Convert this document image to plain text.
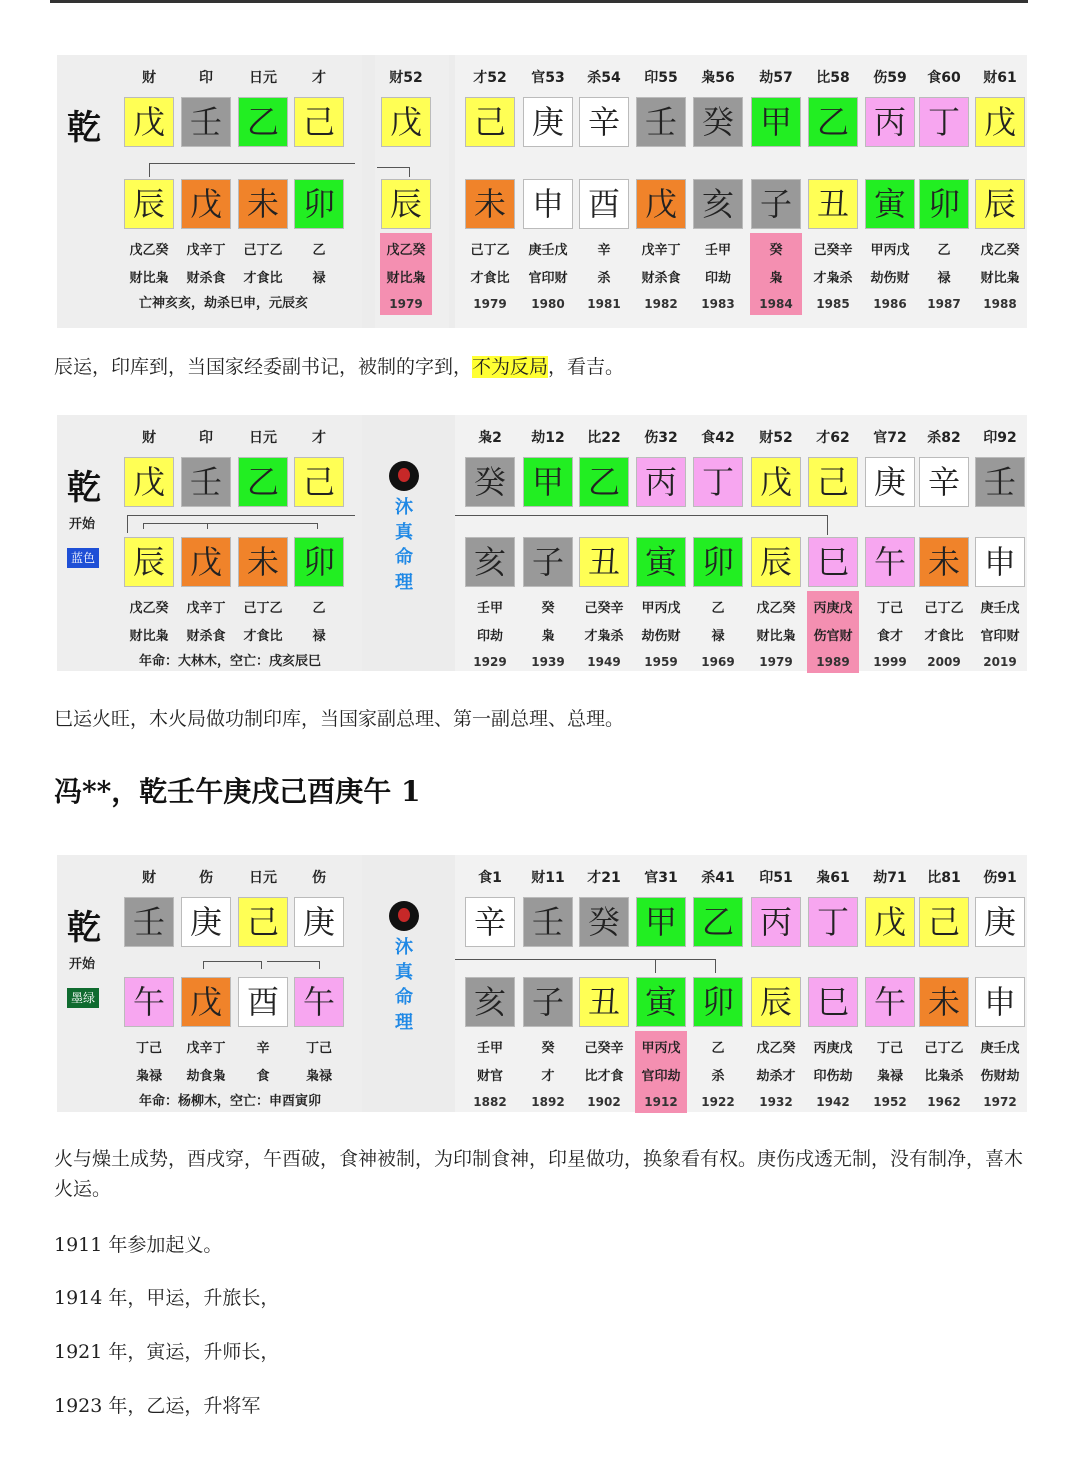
乾
财
戊
辰
戊乙癸
财比枭
印
壬
戊
戊辛丁
财杀食
日元
乙
未
己丁乙
才食比
才
己
卯
乙
禄
亡神亥亥，劫杀巳申，元辰亥
才52
己
未
己丁乙
才食比
1979
官53
庚
申
庚壬戊
官印财
1980
杀54
辛
酉
辛
杀
1981
印55
壬
戊
戊辛丁
财杀食
1982
枭56
癸
亥
壬甲
印劫
1983
劫57
甲
子
癸
枭
1984
比58
乙
丑
己癸辛
才枭杀
1985
伤59
丙
寅
甲丙戊
劫伤财
1986
食60
丁
卯
乙
禄
1987
财61
戊
辰
戊乙癸
财比枭
1988
财52
戊
辰
戊乙癸
财比枭
1979
辰运，印库到，当国家经委副书记，被制的字到，不为反局，看吉。
乾
开始
蓝色
财
戊
辰
戊乙癸
财比枭
印
壬
戊
戊辛丁
财杀食
日元
乙
未
己丁乙
才食比
才
己
卯
乙
禄
年命：大林木，空亡：戌亥辰巳
枭2
癸
亥
壬甲
印劫
1929
劫12
甲
子
癸
枭
1939
比22
乙
丑
己癸辛
才枭杀
1949
伤32
丙
寅
甲丙戊
劫伤财
1959
食42
丁
卯
乙
禄
1969
财52
戊
辰
戊乙癸
财比枭
1979
才62
己
巳
丙庚戊
伤官财
1989
官72
庚
午
丁己
食才
1999
杀82
辛
未
己丁乙
才食比
2009
印92
壬
申
庚壬戊
官印财
2019
沐
真
命
理
巳运火旺，木火局做功制印库，当国家副总理、第一副总理、总理。
冯**，乾壬午庚戌己酉庚午 1
乾
开始
墨绿
财
壬
午
丁己
枭禄
伤
庚
戊
戊辛丁
劫食枭
日元
己
酉
辛
食
伤
庚
午
丁己
枭禄
年命：杨柳木，空亡：申酉寅卯
食1
辛
亥
壬甲
财官
1882
财11
壬
子
癸
才
1892
才21
癸
丑
己癸辛
比才食
1902
官31
甲
寅
甲丙戊
官印劫
1912
杀41
乙
卯
乙
杀
1922
印51
丙
辰
戊乙癸
劫杀才
1932
枭61
丁
巳
丙庚戊
印伤劫
1942
劫71
戊
午
丁己
枭禄
1952
比81
己
未
己丁乙
比枭杀
1962
伤91
庚
申
庚壬戊
伤财劫
1972
沐
真
命
理
火与燥土成势，酉戌穿，午酉破，食神被制，为印制食神，印星做功，换象看有权。庚伤戌透无制，没有制净，喜木火运。
1911 年参加起义。
1914 年，甲运，升旅长，
1921 年，寅运，升师长，
1923 年，乙运，升将军
